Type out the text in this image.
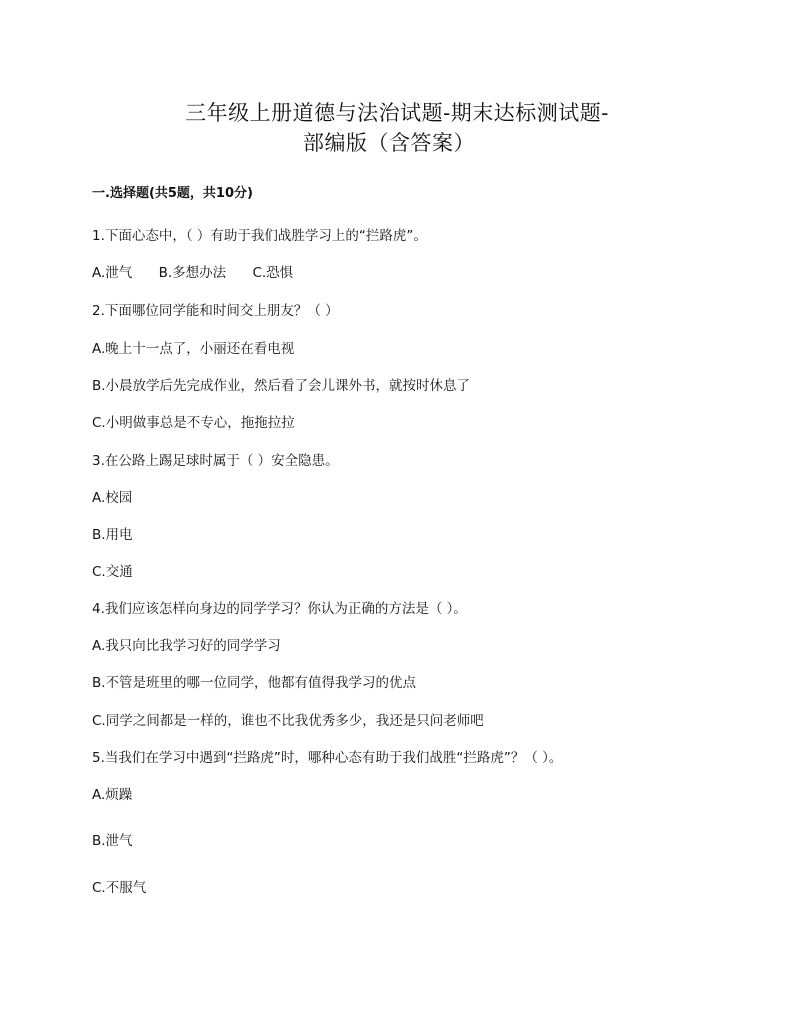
三年级上册道德与法治试题-期末达标测试题-
部编版（含答案）
一.选择题(共5题，共10分)
1.下面心态中，（ ）有助于我们战胜学习上的“拦路虎”。
A.泄气 B.多想办法 C.恐惧
2.下面哪位同学能和时间交上朋友？（ ）
A.晚上十一点了，小丽还在看电视
B.小晨放学后先完成作业，然后看了会儿课外书，就按时休息了
C.小明做事总是不专心，拖拖拉拉
3.在公路上踢足球时属于（ ）安全隐患。
A.校园
B.用电
C.交通
4.我们应该怎样向身边的同学学习？你认为正确的方法是（ ）。
A.我只向比我学习好的同学学习
B.不管是班里的哪一位同学，他都有值得我学习的优点
C.同学之间都是一样的，谁也不比我优秀多少，我还是只问老师吧
5.当我们在学习中遇到“拦路虎”时，哪种心态有助于我们战胜“拦路虎”？（ ）。
A.烦躁
B.泄气
C.不服气
